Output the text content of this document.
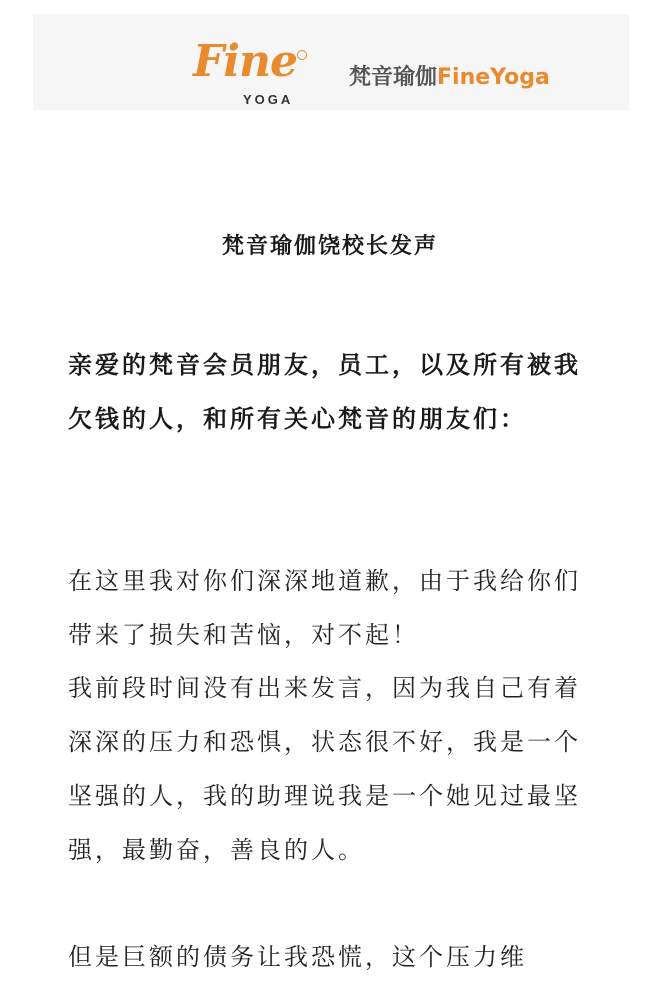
Fine
YOGA
梵音瑜伽FineYoga
梵音瑜伽饶校长发声
亲爱的梵音会员朋友，员工，以及所有被我欠钱的人，和所有关心梵音的朋友们：
在这里我对你们深深地道歉，由于我给你们带来了损失和苦恼，对不起！
我前段时间没有出来发言，因为我自己有着深深的压力和恐惧，状态很不好，我是一个坚强的人，我的助理说我是一个她见过最坚强，最勤奋，善良的人。
但是巨额的债务让我恐慌，这个压力维
